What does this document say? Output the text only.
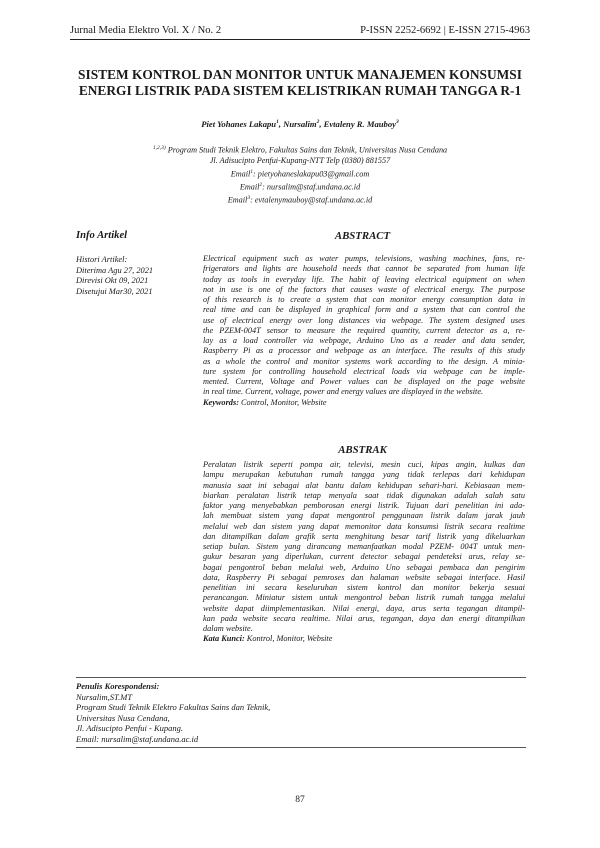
Jurnal Media Elektro Vol. X / No. 2	P-ISSN 2252-6692 | E-ISSN 2715-4963
SISTEM KONTROL DAN MONITOR UNTUK MANAJEMEN KONSUMSI
ENERGI LISTRIK PADA SISTEM KELISTRIKAN RUMAH TANGGA R-1
Piet Yohanes Lakapu$^1$, Nursalim$^2$, Evtaleny R. Mauboy$^3$
$^{1,2,3)}$ Program Studi Teknik Elektro, Fakultas Sains dan Teknik, Universitas Nusa Cendana
Jl. Adisucipto Penfui-Kupang-NTT Telp (0380) 881557
Email$^1$: pietyohaneslakapu03@gmail.com
Email$^2$: nursalim@staf.undana.ac.id
Email$^3$: evtalenymauboy@staf.undana.ac.id
Info Artikel
Histori Artikel:
Diterima Agu 27, 2021
Direvisi Okt 09, 2021
Disetujui Mar30, 2021
ABSTRACT
Electrical equipment such as water pumps, televisions, washing machines, fans, re-
frigerators and lights are household needs that cannot be separated from human life
today as tools in everyday life. The habit of leaving electrical equipment on when
not in use is one of the factors that causes waste of electrical energy. The purpose
of this research is to create a system that can monitor energy consumption data in
real time and can be displayed in graphical form and a system that can control the
use of electrical energy over long distances via webpage. The system designed uses
the PZEM-004T sensor to measure the required quantity, current detector as a, re-
lay as a load controller via webpage, Arduino Uno as a reader and data sender,
Raspberry Pi as a processor and webpage as an interface. The results of this study
as a whole the control and monitor systems work according to the design. A minia-
ture system for controlling household electrical loads via webpage can be imple-
mented. Current, Voltage and Power values can be displayed on the page website
in real time. Current, voltage, power and energy values are displayed in the website.
Keywords: Control, Monitor, Website
ABSTRAK
Peralatan listrik seperti pompa air, televisi, mesin cuci, kipas angin, kulkas dan
lampu merupakan kebutuhan rumah tangga yang tidak terlepas dari kehidupan
manusia saat ini sebagai alat bantu dalam kehidupan sehari-hari. Kebiasaan mem-
biarkan peralatan listrik tetap menyala saat tidak digunakan adalah salah satu
faktor yang menyebabkan pemborosan energi listrik. Tujuan dari penelitian ini ada-
lah membuat sistem yang dapat mengontrol penggunaan listrik dalam jarak jauh
melalui web dan sistem yang dapat memonitor data konsumsi listrik secara realtime
dan ditampilkan dalam grafik serta menghitung besar tarif listrik yang dikeluarkan
setiap bulan. Sistem yang dirancang memanfaatkan modal PZEM- 004T untuk men-
gukur besaran yang diperlukan, current detector sebagai pendeteksi arus, relay se-
bagai pengontrol beban melalui web, Arduino Uno sebagai pembaca dan pengirim
data, Raspberry Pi sebagai pemroses dan halaman website sebagai interface. Hasil
penelitian ini secara keseluruhan sistem kontrol dan monitor bekerja sesuai
perancangan. Miniatur sistem untuk mengontrol beban listrik rumah tangga melalui
website dapat diimplementasikan. Nilai energi, daya, arus serta tegangan ditampil-
kan pada website secara realtime. Nilai arus, tegangan, daya dan energi ditampilkan
dalam website.
Kata Kunci: Kontrol, Monitor, Website
Penulis Korespondensi:
Nursalim,ST.MT
Program Studi Teknik Elektro Fakultas Sains dan Teknik,
Universitas Nusa Cendana,
Jl. Adisucipto Penfui - Kupang.
Email: nursalim@staf.undana.ac.id
87
